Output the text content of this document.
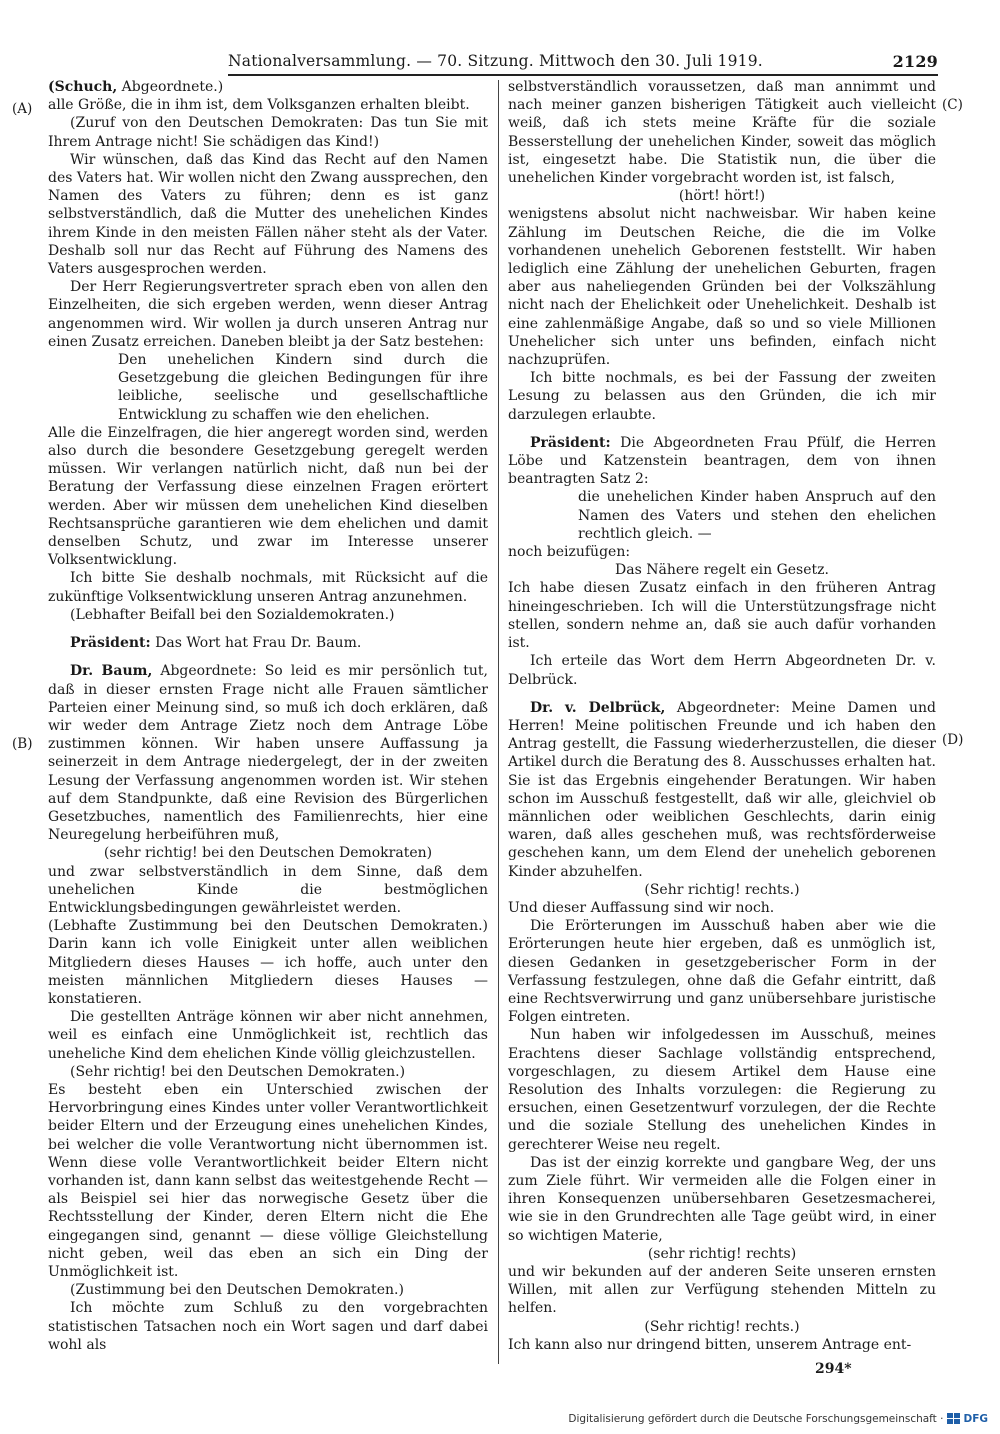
Nationalversammlung. — 70. Sitzung. Mittwoch den 30. Juli 1919.	2129
(A)
(B)
(C)
(D)

(Schuch, Abgeordnete.)

alle Größe, die in ihm ist, dem Volksganzen erhalten bleibt.

(Zuruf von den Deutschen Demokraten: Das tun Sie mit Ihrem Antrage nicht! Sie schädigen das Kind!)

Wir wünschen, daß das Kind das Recht auf den Namen des Vaters hat. Wir wollen nicht den Zwang aussprechen, den Namen des Vaters zu führen; denn es ist ganz selbstverständlich, daß die Mutter des unehelichen Kindes ihrem Kinde in den meisten Fällen näher steht als der Vater. Deshalb soll nur das Recht auf Führung des Namens des Vaters ausgesprochen werden.

Der Herr Regierungsvertreter sprach eben von allen den Einzelheiten, die sich ergeben werden, wenn dieser Antrag angenommen wird. Wir wollen ja durch unseren Antrag nur einen Zusatz erreichen. Daneben bleibt ja der Satz bestehen:

Den unehelichen Kindern sind durch die Gesetzgebung die gleichen Bedingungen für ihre leibliche, seelische und gesellschaftliche Entwicklung zu schaffen wie den ehelichen.

Alle die Einzelfragen, die hier angeregt worden sind, werden also durch die besondere Gesetzgebung geregelt werden müssen. Wir verlangen natürlich nicht, daß nun bei der Beratung der Verfassung diese einzelnen Fragen erörtert werden. Aber wir müssen dem unehelichen Kind dieselben Rechtsansprüche garantieren wie dem ehelichen und damit denselben Schutz, und zwar im Interesse unserer Volksentwicklung.

Ich bitte Sie deshalb nochmals, mit Rücksicht auf die zukünftige Volksentwicklung unseren Antrag anzunehmen.

(Lebhafter Beifall bei den Sozialdemokraten.)

Präsident: Das Wort hat Frau Dr. Baum.

Dr. Baum, Abgeordnete: So leid es mir persönlich tut, daß in dieser ernsten Frage nicht alle Frauen sämtlicher Parteien einer Meinung sind, so muß ich doch erklären, daß wir weder dem Antrage Zietz noch dem Antrage Löbe zustimmen können. Wir haben unsere Auffassung ja seinerzeit in dem Antrage niedergelegt, der in der zweiten Lesung der Verfassung angenommen worden ist. Wir stehen auf dem Standpunkte, daß eine Revision des Bürgerlichen Gesetzbuches, namentlich des Familienrechts, hier eine Neuregelung herbeiführen muß,

(sehr richtig! bei den Deutschen Demokraten)

und zwar selbstverständlich in dem Sinne, daß dem unehelichen Kinde die bestmöglichen Entwicklungsbedingungen gewährleistet werden.

(Lebhafte Zustimmung bei den Deutschen Demokraten.) Darin kann ich volle Einigkeit unter allen weiblichen Mitgliedern dieses Hauses — ich hoffe, auch unter den meisten männlichen Mitgliedern dieses Hauses — konstatieren.

Die gestellten Anträge können wir aber nicht annehmen, weil es einfach eine Unmöglichkeit ist, rechtlich das uneheliche Kind dem ehelichen Kinde völlig gleichzustellen.

(Sehr richtig! bei den Deutschen Demokraten.)

Es besteht eben ein Unterschied zwischen der Hervorbringung eines Kindes unter voller Verantwortlichkeit beider Eltern und der Erzeugung eines unehelichen Kindes, bei welcher die volle Verantwortung nicht übernommen ist. Wenn diese volle Verantwortlichkeit beider Eltern nicht vorhanden ist, dann kann selbst das weitestgehende Recht — als Beispiel sei hier das norwegische Gesetz über die Rechtsstellung der Kinder, deren Eltern nicht die Ehe eingegangen sind, genannt — diese völlige Gleichstellung nicht geben, weil das eben an sich ein Ding der Unmöglichkeit ist.

(Zustimmung bei den Deutschen Demokraten.)

Ich möchte zum Schluß zu den vorgebrachten statistischen Tatsachen noch ein Wort sagen und darf dabei wohl als

selbstverständlich voraussetzen, daß man annimmt und nach meiner ganzen bisherigen Tätigkeit auch vielleicht weiß, daß ich stets meine Kräfte für die soziale Besserstellung der unehelichen Kinder, soweit das möglich ist, eingesetzt habe. Die Statistik nun, die über die unehelichen Kinder vorgebracht worden ist, ist falsch,

(hört! hört!)

wenigstens absolut nicht nachweisbar. Wir haben keine Zählung im Deutschen Reiche, die die im Volke vorhandenen unehelich Geborenen feststellt. Wir haben lediglich eine Zählung der unehelichen Geburten, fragen aber aus naheliegenden Gründen bei der Volkszählung nicht nach der Ehelichkeit oder Unehelichkeit. Deshalb ist eine zahlenmäßige Angabe, daß so und so viele Millionen Unehelicher sich unter uns befinden, einfach nicht nachzuprüfen.

Ich bitte nochmals, es bei der Fassung der zweiten Lesung zu belassen aus den Gründen, die ich mir darzulegen erlaubte.

Präsident: Die Abgeordneten Frau Pfülf, die Herren Löbe und Katzenstein beantragen, dem von ihnen beantragten Satz 2:

die unehelichen Kinder haben Anspruch auf den Namen des Vaters und stehen den ehelichen rechtlich gleich. —

noch beizufügen:

Das Nähere regelt ein Gesetz.

Ich habe diesen Zusatz einfach in den früheren Antrag hineingeschrieben. Ich will die Unterstützungsfrage nicht stellen, sondern nehme an, daß sie auch dafür vorhanden ist.

Ich erteile das Wort dem Herrn Abgeordneten Dr. v. Delbrück.

Dr. v. Delbrück, Abgeordneter: Meine Damen und Herren! Meine politischen Freunde und ich haben den Antrag gestellt, die Fassung wiederherzustellen, die dieser Artikel durch die Beratung des 8. Ausschusses erhalten hat. Sie ist das Ergebnis eingehender Beratungen. Wir haben schon im Ausschuß festgestellt, daß wir alle, gleichviel ob männlichen oder weiblichen Geschlechts, darin einig waren, daß alles geschehen muß, was rechtsförderweise geschehen kann, um dem Elend der unehelich geborenen Kinder abzuhelfen.

(Sehr richtig! rechts.)

Und dieser Auffassung sind wir noch.

Die Erörterungen im Ausschuß haben aber wie die Erörterungen heute hier ergeben, daß es unmöglich ist, diesen Gedanken in gesetzgeberischer Form in der Verfassung festzulegen, ohne daß die Gefahr eintritt, daß eine Rechtsverwirrung und ganz unübersehbare juristische Folgen eintreten.

Nun haben wir infolgedessen im Ausschuß, meines Erachtens dieser Sachlage vollständig entsprechend, vorgeschlagen, zu diesem Artikel dem Hause eine Resolution des Inhalts vorzulegen: die Regierung zu ersuchen, einen Gesetzentwurf vorzulegen, der die Rechte und die soziale Stellung des unehelichen Kindes in gerechterer Weise neu regelt.

Das ist der einzig korrekte und gangbare Weg, der uns zum Ziele führt. Wir vermeiden alle die Folgen einer in ihren Konsequenzen unübersehbaren Gesetzesmacherei, wie sie in den Grundrechten alle Tage geübt wird, in einer so wichtigen Materie,

(sehr richtig! rechts)

und wir bekunden auf der anderen Seite unseren ernsten Willen, mit allen zur Verfügung stehenden Mitteln zu helfen.

(Sehr richtig! rechts.)

Ich kann also nur dringend bitten, unserem Antrage ent-

294*
Digitalisierung gefördert durch die Deutsche Forschungsgemeinschaft · DFG
